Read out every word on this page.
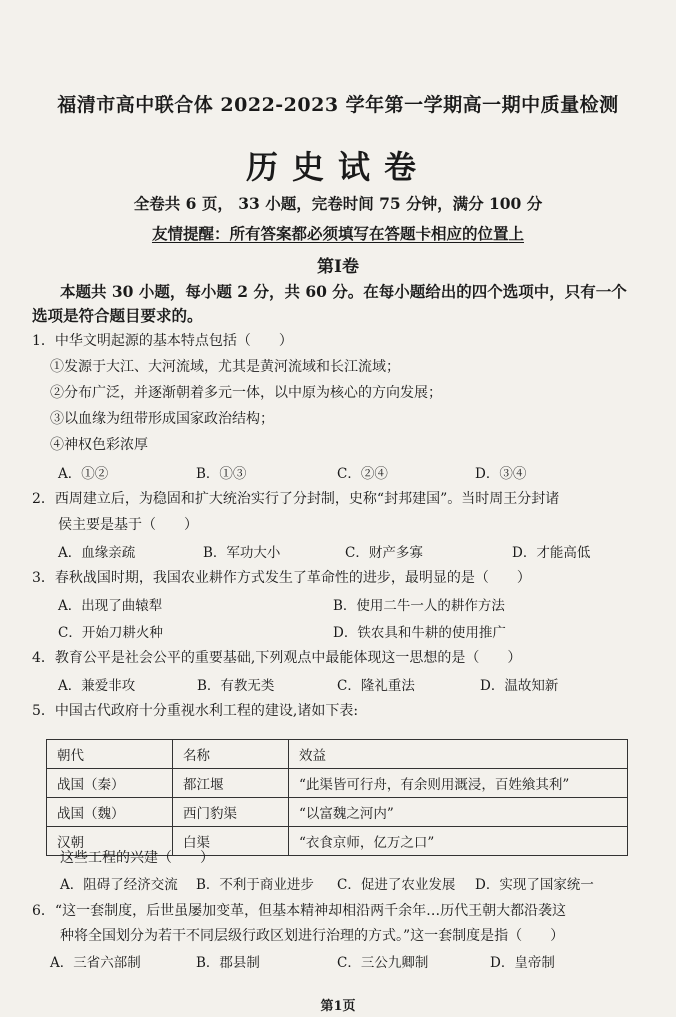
福清市高中联合体 2022-2023 学年第一学期高一期中质量检测
历史试卷
全卷共 6 页， 33 小题，完卷时间 75 分钟，满分 100 分
友情提醒：所有答案都必须填写在答题卡相应的位置上
第Ⅰ卷
本题共 30 小题，每小题 2 分，共 60 分。在每小题给出的四个选项中，只有一个选项是符合题目要求的。
1．中华文明起源的基本特点包括（　　）
①发源于大江、大河流域，尤其是黄河流域和长江流域；
②分布广泛，并逐渐朝着多元一体，以中原为核心的方向发展；
③以血缘为纽带形成国家政治结构；
④神权色彩浓厚
A．①②	B．①③	C．②④	D．③④
2．西周建立后，为稳固和扩大统治实行了分封制，史称“封邦建国”。当时周王分封诸
侯主要是基于（　　）
A．血缘亲疏	B．军功大小	C．财产多寡	D．才能高低
3．春秋战国时期，我国农业耕作方式发生了革命性的进步，最明显的是（　　）
A．出现了曲辕犁	B．使用二牛一人的耕作方法
C．开始刀耕火种	D．铁农具和牛耕的使用推广
4．教育公平是社会公平的重要基础,下列观点中最能体现这一思想的是（　　）
A．兼爱非攻	B．有教无类	C．隆礼重法	D．温故知新
5．中国古代政府十分重视水利工程的建设,诸如下表:
朝代	名称	效益
战国（秦）	都江堰	“此渠皆可行舟，有余则用溉浸，百姓飨其利”
战国（魏）	西门豹渠	“以富魏之河内”
汉朝	白渠	“衣食京师，亿万之口”
这些工程的兴建（　　）
A．阻碍了经济交流 B．不利于商业进步 C．促进了农业发展 D．实现了国家统一
6．“这一套制度，后世虽屡加变革，但基本精神却相沿两千余年…历代王朝大都沿袭这
种将全国划分为若干不同层级行政区划进行治理的方式。”这一套制度是指（　　）
A．三省六部制	B．郡县制	C．三公九卿制	D．皇帝制
第1页
